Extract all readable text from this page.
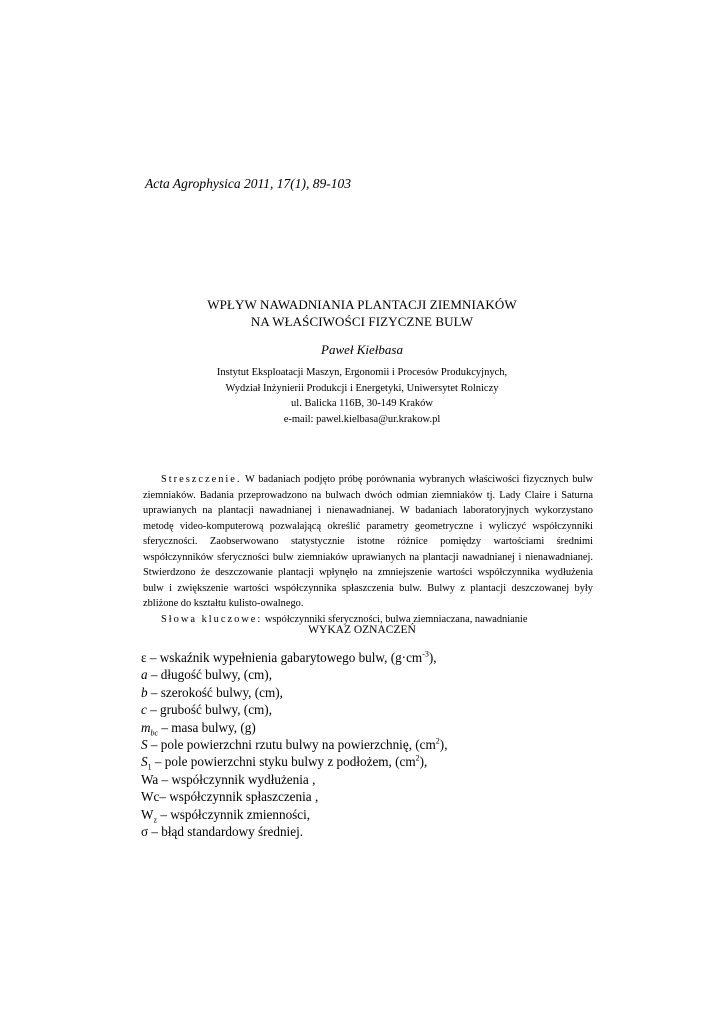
Acta Agrophysica 2011, 17(1), 89-103
WPŁYW NAWADNIANIA PLANTACJI ZIEMNIAKÓW
NA WŁAŚCIWOŚCI FIZYCZNE BULW
Paweł Kiełbasa
Instytut Eksploatacji Maszyn, Ergonomii i Procesów Produkcyjnych,
Wydział Inżynierii Produkcji i Energetyki, Uniwersytet Rolniczy
ul. Balicka 116B, 30-149 Kraków
e-mail: pawel.kielbasa@ur.krakow.pl

Streszczenie. W badaniach podjęto próbę porównania wybranych właściwości fizycznych bulw ziemniaków. Badania przeprowadzono na bulwach dwóch odmian ziemniaków tj. Lady Claire i Saturna uprawianych na plantacji nawadnianej i nienawadnianej. W badaniach laboratoryjnych wykorzystano metodę video-komputerową pozwalającą określić parametry geometryczne i wyliczyć współczynniki sferyczności. Zaobserwowano statystycznie istotne różnice pomiędzy wartościami średnimi współczynników sferyczności bulw ziemniaków uprawianych na plantacji nawadnianej i nienawadnianej. Stwierdzono że deszczowanie plantacji wpłynęło na zmniejszenie wartości współczynnika wydłużenia bulw i zwiększenie wartości współczynnika spłaszczenia bulw. Bulwy z plantacji deszczowanej były zbliżone do kształtu kulisto-owalnego.

Słowa kluczowe: współczynniki sferyczności, bulwa ziemniaczana, nawadnianie

WYKAZ OZNACZEŃ
ε – wskaźnik wypełnienia gabarytowego bulw, $(g\cdot cm^{-3})$,
a – długość bulwy, (cm),
b – szerokość bulwy, (cm),
c – grubość bulwy, (cm),
$m_{bc}$ – masa bulwy, (g)
S – pole powierzchni rzutu bulwy na powierzchnię, $(cm^2)$,
$S_1$ – pole powierzchni styku bulwy z podłożem, $(cm^2)$,
Wa – współczynnik wydłużenia ,
Wc– współczynnik spłaszczenia ,
$W_z$ – współczynnik zmienności,
σ – błąd standardowy średniej.
